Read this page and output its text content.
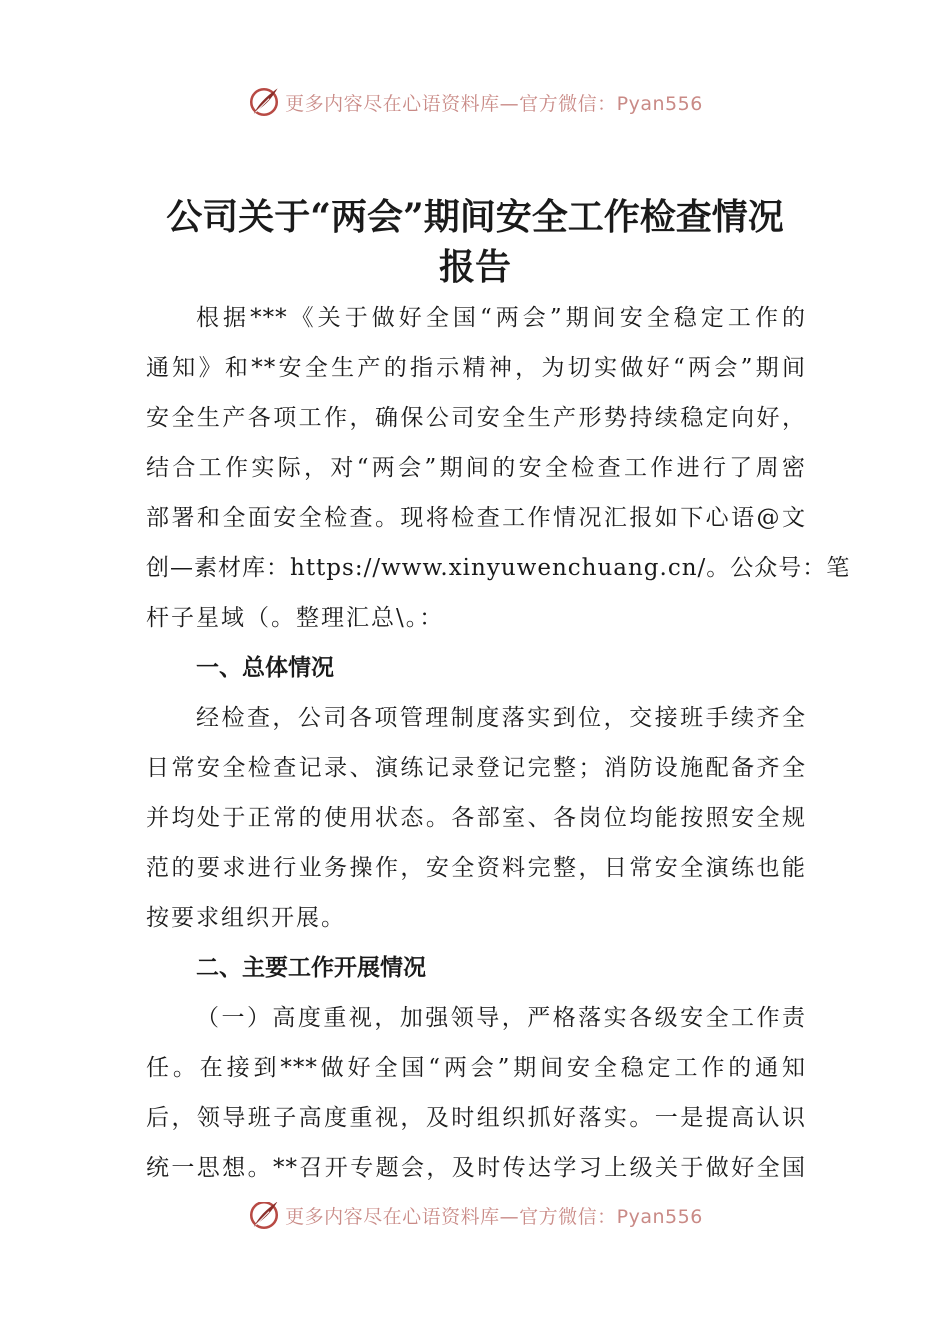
更多内容尽在心语资料库—官方微信：Pyan556
公司关于“两会”期间安全工作检查情况
报告
根据***《关于做好全国“两会”期间安全稳定工作的
通知》和**安全生产的指示精神，为切实做好“两会”期间
安全生产各项工作，确保公司安全生产形势持续稳定向好，
结合工作实际，对“两会”期间的安全检查工作进行了周密
部署和全面安全检查。现将检查工作情况汇报如下心语@文
创—素材库：https://www.xinyuwenchuang.cn/。公众号：笔
杆子星域（。整理汇总\。：
一、总体情况
经检查，公司各项管理制度落实到位，交接班手续齐全
日常安全检查记录、演练记录登记完整；消防设施配备齐全
并均处于正常的使用状态。各部室、各岗位均能按照安全规
范的要求进行业务操作，安全资料完整，日常安全演练也能
按要求组织开展。
二、主要工作开展情况
（一）高度重视，加强领导，严格落实各级安全工作责
任。在接到***做好全国“两会”期间安全稳定工作的通知
后，领导班子高度重视，及时组织抓好落实。一是提高认识
统一思想。**召开专题会，及时传达学习上级关于做好全国
更多内容尽在心语资料库—官方微信：Pyan556
